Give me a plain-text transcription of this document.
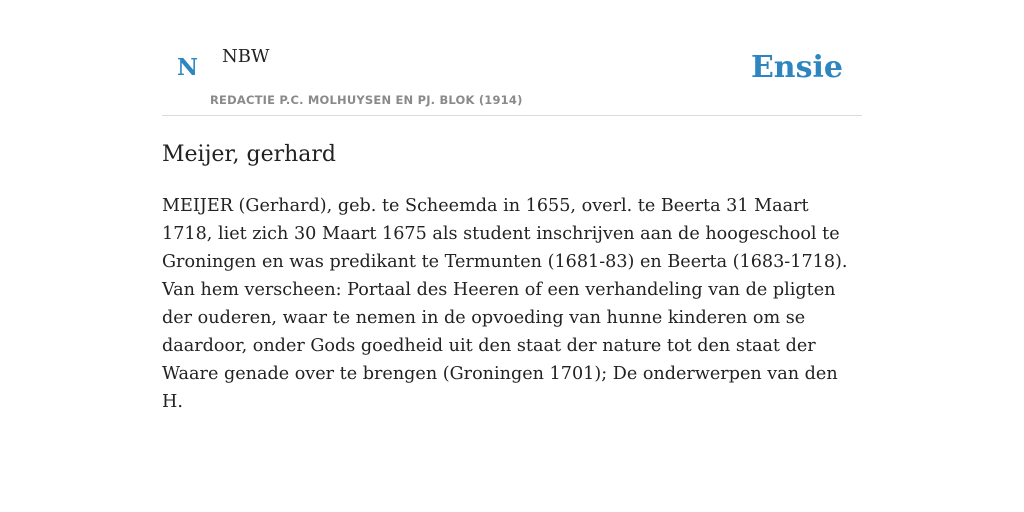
N NBW
REDACTIE P.C. MOLHUYSEN EN PJ. BLOK (1914)
Ensie
Meijer, gerhard

MEIJER (Gerhard), geb. te Scheemda in 1655, overl. te Beerta 31 Maart 1718, liet zich 30 Maart 1675 als student inschrijven aan de hoogeschool te Groningen en was predikant te Termunten (1681-83) en Beerta (1683-1718). Van hem verscheen: Portaal des Heeren of een verhandeling van de pligten der ouderen, waar te nemen in de opvoeding van hunne kinderen om se daardoor, onder Gods goedheid uit den staat der nature tot den staat der Waare genade over te brengen (Groningen 1701); De onderwerpen van den H.
